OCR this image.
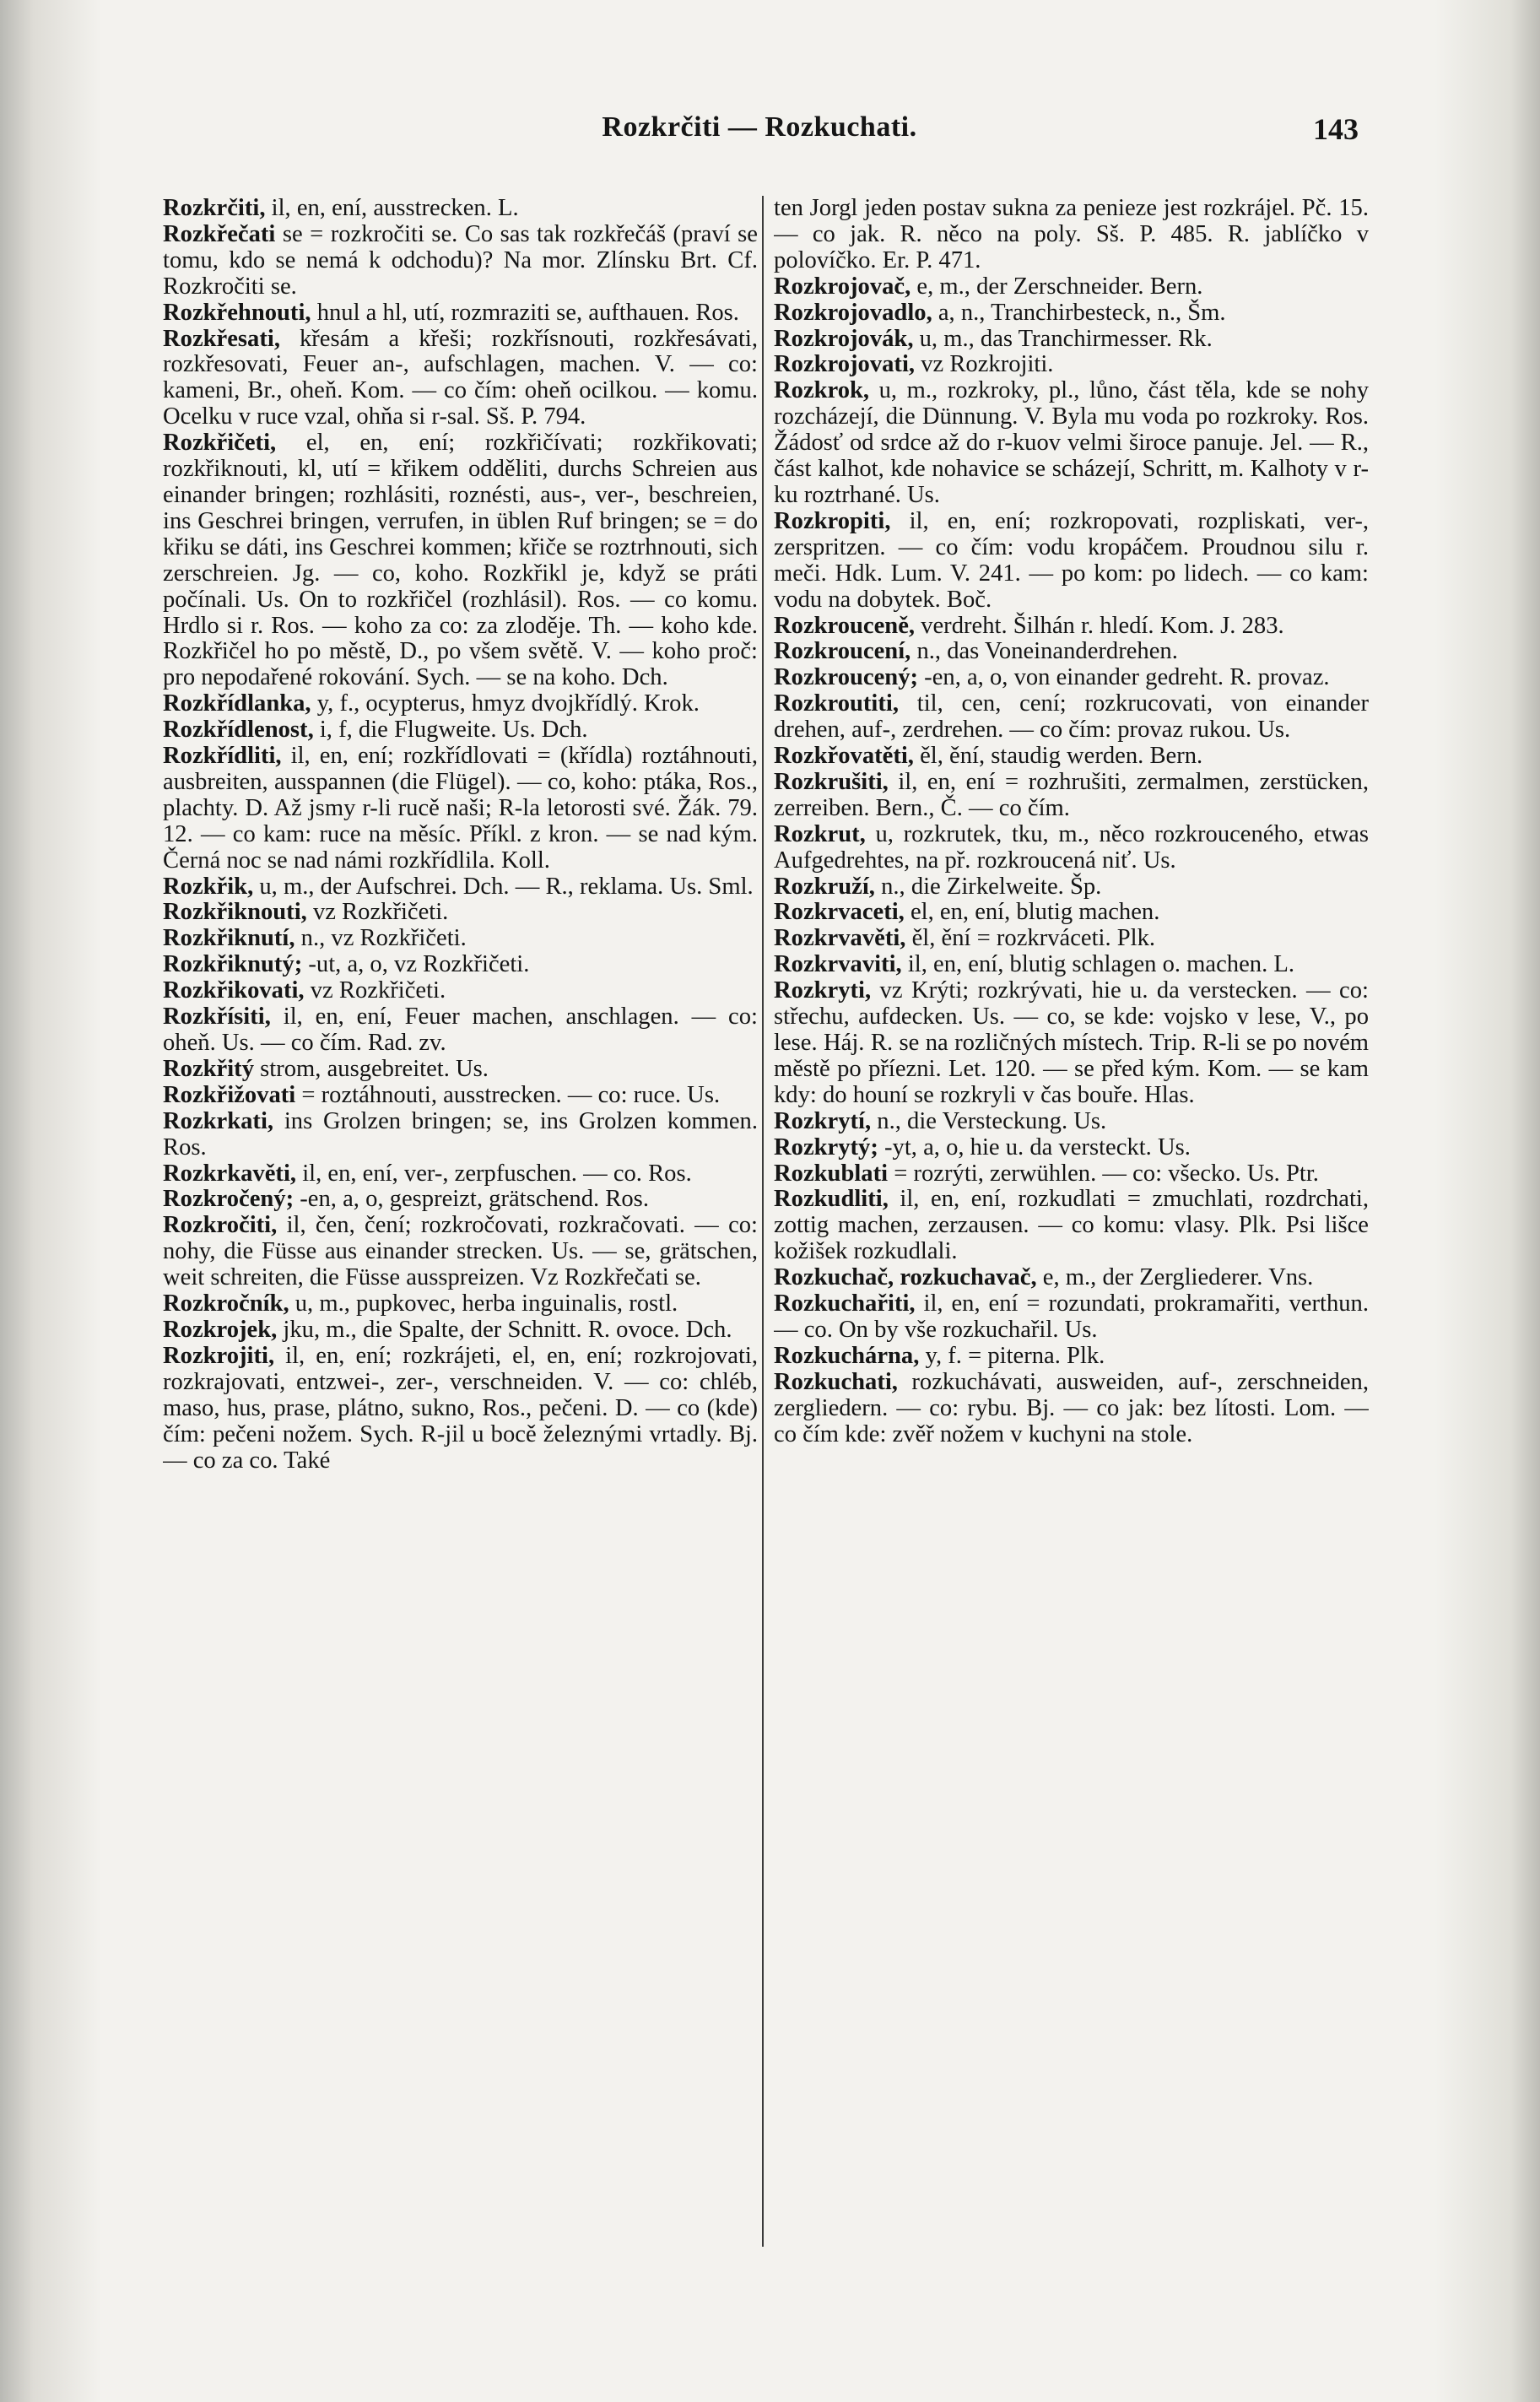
Rozkrčiti — Rozkuchati.	143

Rozkrčiti, il, en, ení, ausstrecken. L.

Rozkřečati se = rozkročiti se. Co sas tak rozkřečáš (praví se tomu, kdo se nemá k odchodu)? Na mor. Zlínsku Brt. Cf. Rozkročiti se.

Rozkřehnouti, hnul a hl, utí, rozmraziti se, aufthauen. Ros.

Rozkřesati, křesám a křeši; rozkřísnouti, rozkřesávati, rozkřesovati, Feuer an-, aufschlagen, machen. V. — co: kameni, Br., oheň. Kom. — co čím: oheň ocilkou. — komu. Ocelku v ruce vzal, ohňa si r-sal. Sš. P. 794.

Rozkřičeti, el, en, ení; rozkřičívati; rozkřikovati; rozkřiknouti, kl, utí = křikem odděliti, durchs Schreien aus einander bringen; rozhlásiti, roznésti, aus-, ver-, beschreien, ins Geschrei bringen, verrufen, in üblen Ruf bringen; se = do křiku se dáti, ins Geschrei kommen; křiče se roztrhnouti, sich zerschreien. Jg. — co, koho. Rozkřikl je, když se práti počínali. Us. On to rozkřičel (rozhlásil). Ros. — co komu. Hrdlo si r. Ros. — koho za co: za zloděje. Th. — koho kde. Rozkřičel ho po městě, D., po všem světě. V. — koho proč: pro nepodařené rokování. Sych. — se na koho. Dch.

Rozkřídlanka, y, f., ocypterus, hmyz dvojkřídlý. Krok.

Rozkřídlenost, i, f, die Flugweite. Us. Dch.

Rozkřídliti, il, en, ení; rozkřídlovati = (křídla) roztáhnouti, ausbreiten, ausspannen (die Flügel). — co, koho: ptáka, Ros., plachty. D. Až jsmy r-li rucě naši; R-la letorosti své. Žák. 79. 12. — co kam: ruce na měsíc. Příkl. z kron. — se nad kým. Černá noc se nad námi rozkřídlila. Koll.

Rozkřik, u, m., der Aufschrei. Dch. — R., reklama. Us. Sml.

Rozkřiknouti, vz Rozkřičeti.

Rozkřiknutí, n., vz Rozkřičeti.

Rozkřiknutý; -ut, a, o, vz Rozkřičeti.

Rozkřikovati, vz Rozkřičeti.

Rozkřísiti, il, en, ení, Feuer machen, anschlagen. — co: oheň. Us. — co čím. Rad. zv.

Rozkřitý strom, ausgebreitet. Us.

Rozkřižovati = roztáhnouti, ausstrecken. — co: ruce. Us.

Rozkrkati, ins Grolzen bringen; se, ins Grolzen kommen. Ros.

Rozkrkavěti, il, en, ení, ver-, zerpfuschen. — co. Ros.

Rozkročený; -en, a, o, gespreizt, grätschend. Ros.

Rozkročiti, il, čen, čení; rozkročovati, rozkračovati. — co: nohy, die Füsse aus einander strecken. Us. — se, grätschen, weit schreiten, die Füsse ausspreizen. Vz Rozkřečati se.

Rozkročník, u, m., pupkovec, herba inguinalis, rostl.

Rozkrojek, jku, m., die Spalte, der Schnitt. R. ovoce. Dch.

Rozkrojiti, il, en, ení; rozkrájeti, el, en, ení; rozkrojovati, rozkrajovati, entzwei-, zer-, verschneiden. V. — co: chléb, maso, hus, prase, plátno, sukno, Ros., pečeni. D. — co (kde) čím: pečeni nožem. Sych. R-jil u bocě železnými vrtadly. Bj. — co za co. Také

ten Jorgl jeden postav sukna za penieze jest rozkrájel. Pč. 15. — co jak. R. něco na poly. Sš. P. 485. R. jablíčko v polovíčko. Er. P. 471.

Rozkrojovač, e, m., der Zerschneider. Bern.

Rozkrojovadlo, a, n., Tranchirbesteck, n., Šm.

Rozkrojovák, u, m., das Tranchirmesser. Rk.

Rozkrojovati, vz Rozkrojiti.

Rozkrok, u, m., rozkroky, pl., lůno, část těla, kde se nohy rozcházejí, die Dünnung. V. Byla mu voda po rozkroky. Ros. Žádosť od srdce až do r-kuov velmi široce panuje. Jel. — R., část kalhot, kde nohavice se scházejí, Schritt, m. Kalhoty v r-ku roztrhané. Us.

Rozkropiti, il, en, ení; rozkropovati, rozpliskati, ver-, zerspritzen. — co čím: vodu kropáčem. Proudnou silu r. meči. Hdk. Lum. V. 241. — po kom: po lidech. — co kam: vodu na dobytek. Boč.

Rozkrouceně, verdreht. Šilhán r. hledí. Kom. J. 283.

Rozkroucení, n., das Voneinanderdrehen.

Rozkroucený; -en, a, o, von einander gedreht. R. provaz.

Rozkroutiti, til, cen, cení; rozkrucovati, von einander drehen, auf-, zerdrehen. — co čím: provaz rukou. Us.

Rozkřovatěti, ěl, ění, staudig werden. Bern.

Rozkrušiti, il, en, ení = rozhrušiti, zermalmen, zerstücken, zerreiben. Bern., Č. — co čím.

Rozkrut, u, rozkrutek, tku, m., něco rozkrouceného, etwas Aufgedrehtes, na př. rozkroucená niť. Us.

Rozkruží, n., die Zirkelweite. Šp.

Rozkrvaceti, el, en, ení, blutig machen.

Rozkrvavěti, ěl, ění = rozkrváceti. Plk.

Rozkrvaviti, il, en, ení, blutig schlagen o. machen. L.

Rozkryti, vz Krýti; rozkrývati, hie u. da verstecken. — co: střechu, aufdecken. Us. — co, se kde: vojsko v lese, V., po lese. Háj. R. se na rozličných místech. Trip. R-li se po novém městě po příezni. Let. 120. — se před kým. Kom. — se kam kdy: do houní se rozkryli v čas bouře. Hlas.

Rozkrytí, n., die Versteckung. Us.

Rozkrytý; -yt, a, o, hie u. da versteckt. Us.

Rozkublati = rozrýti, zerwühlen. — co: všecko. Us. Ptr.

Rozkudliti, il, en, ení, rozkudlati = zmuchlati, rozdrchati, zottig machen, zerzausen. — co komu: vlasy. Plk. Psi lišce kožišek rozkudlali.

Rozkuchač, rozkuchavač, e, m., der Zergliederer. Vns.

Rozkuchařiti, il, en, ení = rozundati, prokramařiti, verthun. — co. On by vše rozkuchařil. Us.

Rozkuchárna, y, f. = piterna. Plk.

Rozkuchati, rozkuchávati, ausweiden, auf-, zerschneiden, zergliedern. — co: rybu. Bj. — co jak: bez lítosti. Lom. — co čím kde: zvěř nožem v kuchyni na stole.
